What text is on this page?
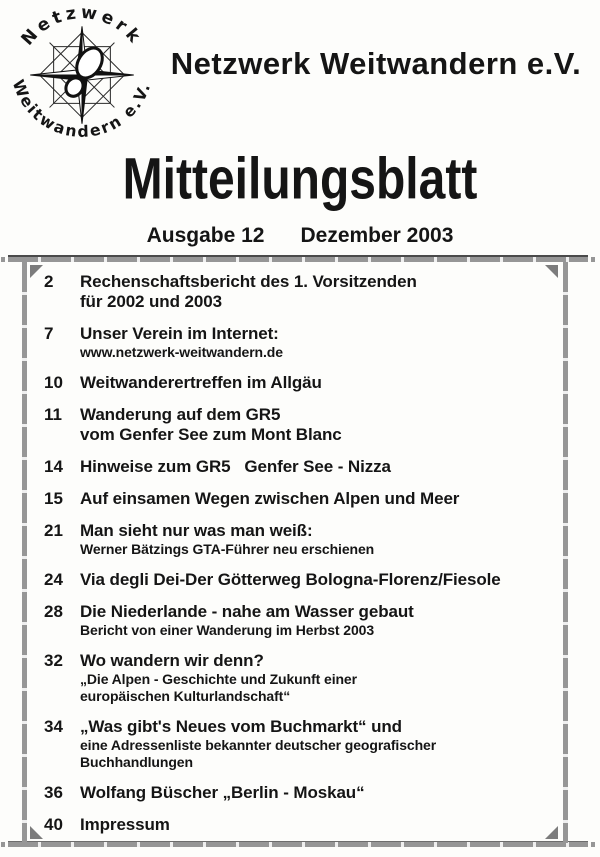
Netzwerk
Weitwandern e.V.
Netzwerk Weitwandern e.V.
Mitteilungsblatt
Ausgabe 12 Dezember 2003
2	Rechenschaftsbericht des 1. Vorsitzenden
für 2002 und 2003
7	Unser Verein im Internet:
www.netzwerk-weitwandern.de
10	Weitwanderertreffen im Allgäu
11	Wanderung auf dem GR5
vom Genfer See zum Mont Blanc
14	Hinweise zum GR5   Genfer See - Nizza
15	Auf einsamen Wegen zwischen Alpen und Meer
21	Man sieht nur was man weiß:
Werner Bätzings GTA-Führer neu erschienen
24	Via degli Dei-Der Götterweg Bologna-Florenz/Fiesole
28	Die Niederlande - nahe am Wasser gebaut
Bericht von einer Wanderung im Herbst 2003
32	Wo wandern wir denn?
„Die Alpen - Geschichte und Zukunft einer
europäischen Kulturlandschaft“
34	„Was gibt's Neues vom Buchmarkt“ und
eine Adressenliste bekannter deutscher geografischer
Buchhandlungen
36	Wolfang Büscher „Berlin - Moskau“
40	Impressum
